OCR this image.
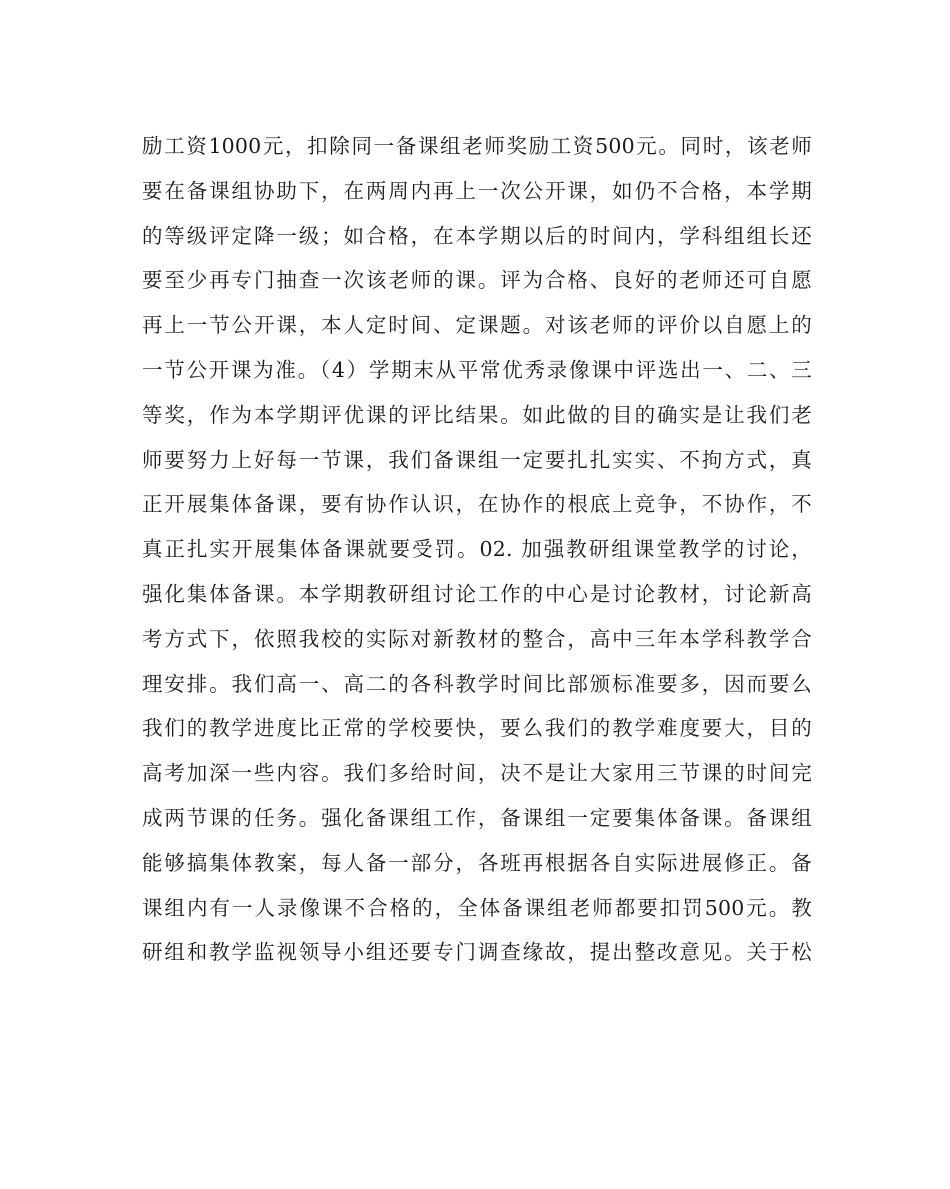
励工资1000元，扣除同一备课组老师奖励工资500元。同时，该老师
要在备课组协助下，在两周内再上一次公开课，如仍不合格，本学期
的等级评定降一级；如合格，在本学期以后的时间内，学科组组长还
要至少再专门抽查一次该老师的课。评为合格、良好的老师还可自愿
再上一节公开课，本人定时间、定课题。对该老师的评价以自愿上的
一节公开课为准。（4）学期末从平常优秀录像课中评选出一、二、三
等奖，作为本学期评优课的评比结果。如此做的目的确实是让我们老
师要努力上好每一节课，我们备课组一定要扎扎实实、不拘方式，真
正开展集体备课，要有协作认识，在协作的根底上竞争，不协作，不
真正扎实开展集体备课就要受罚。02. 加强教研组课堂教学的讨论，
强化集体备课。本学期教研组讨论工作的中心是讨论教材，讨论新高
考方式下，依照我校的实际对新教材的整合，高中三年本学科教学合
理安排。我们高一、高二的各科教学时间比部颁标准要多，因而要么
我们的教学进度比正常的学校要快，要么我们的教学难度要大，目的
高考加深一些内容。我们多给时间，决不是让大家用三节课的时间完
成两节课的任务。强化备课组工作，备课组一定要集体备课。备课组
能够搞集体教案，每人备一部分，各班再根据各自实际进展修正。备
课组内有一人录像课不合格的，全体备课组老师都要扣罚500元。教
研组和教学监视领导小组还要专门调查缘故，提出整改意见。关于松
